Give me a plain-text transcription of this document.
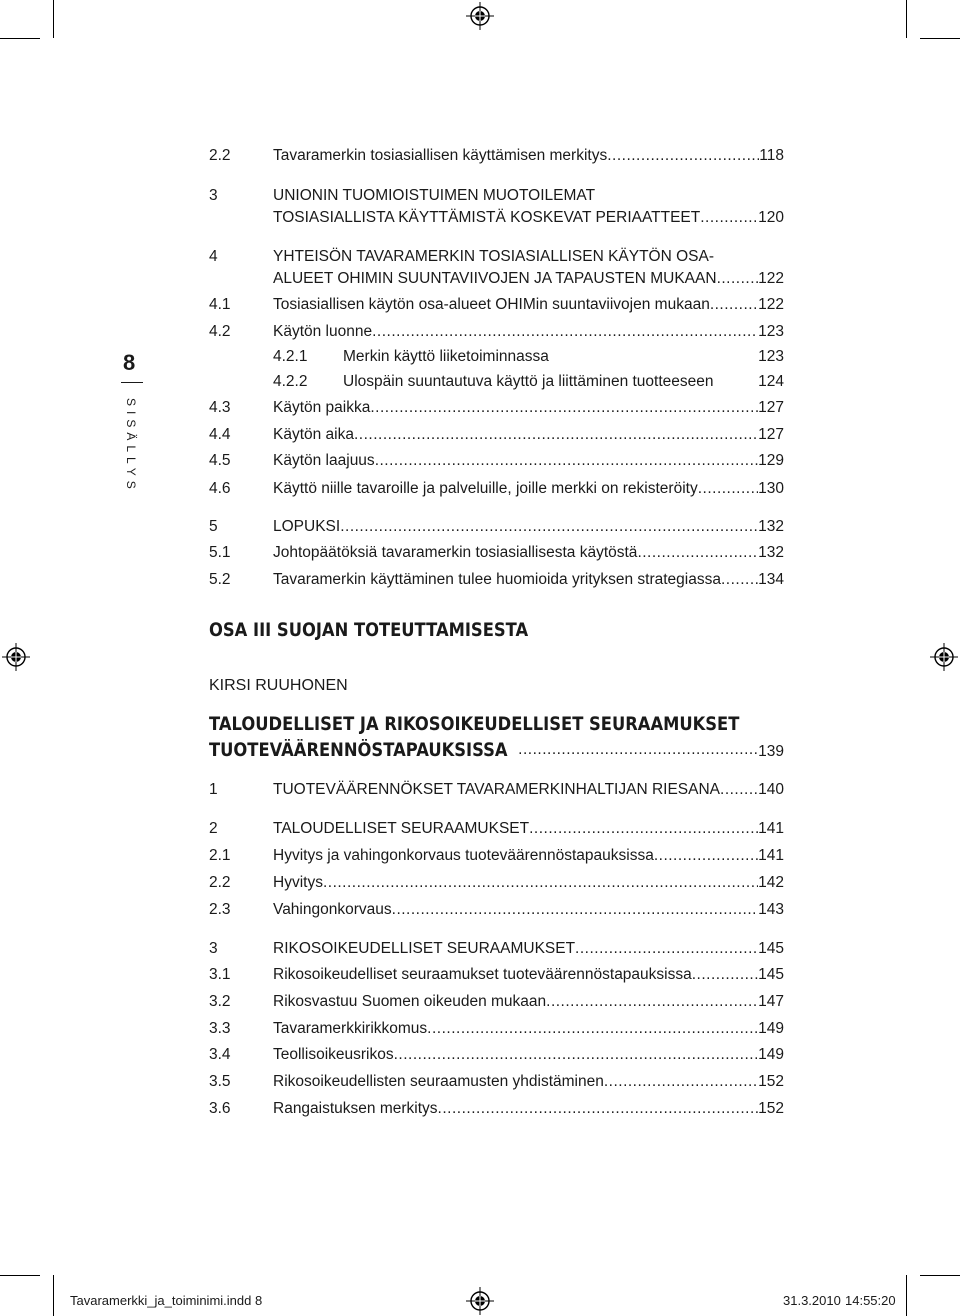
8
SISÄLLYS
2.2	Tavaramerkin tosiasiallisen käyttämisen merkitys .....	118
3	UNIONIN TUOMIOISTUIMEN MUOTOILEMAT
TOSIASIALLISTA KÄYTTÄMISTÄ KOSKEVAT PERIAATTEET .....	120
4	YHTEISÖN TAVARAMERKIN TOSIASIALLISEN KÄYTÖN OSA-
ALUEET OHIMIN SUUNTAVIIVOJEN JA TAPAUSTEN MUKAAN .....	122
4.1	Tosiasiallisen käytön osa-alueet OHIMin suuntaviivojen mukaan .....	122
4.2	Käytön luonne .....	123
4.2.1	Merkin käyttö liiketoiminnassa	123
4.2.2	Ulospäin suuntautuva käyttö ja liittäminen tuotteeseen	124
4.3	Käytön paikka .....	127
4.4	Käytön aika .....	127
4.5	Käytön laajuus .....	129
4.6	Käyttö niille tavaroille ja palveluille, joille merkki on rekisteröity .....	130
5	LOPUKSI .....	132
5.1	Johtopäätöksiä tavaramerkin tosiasiallisesta käytöstä .....	132
5.2	Tavaramerkin käyttäminen tulee huomioida yrityksen strategiassa ..... 134
OSA III SUOJAN TOTEUTTAMISESTA
KIRSI RUUHONEN
TALOUDELLISET JA RIKOSOIKEUDELLISET SEURAAMUKSET
TUOTEVÄÄRENNÖSTAPAUKSISSA .....	139
1	TUOTEVÄÄRENNÖKSET TAVARAMERKINHALTIJAN RIESANA ..... 140
2	TALOUDELLISET SEURAAMUKSET .....	141
2.1	Hyvitys ja vahingonkorvaus tuoteväärennöstapauksissa .....	141
2.2	Hyvitys .....	142
2.3	Vahingonkorvaus .....	143
3	RIKOSOIKEUDELLISET SEURAAMUKSET .....	145
3.1	Rikosoikeudelliset seuraamukset tuoteväärennöstapauksissa .....	145
3.2	Rikosvastuu Suomen oikeuden mukaan .....	147
3.3	Tavaramerkkirikkomus .....	149
3.4	Teollisoikeusrikos .....	149
3.5	Rikosoikeudellisten seuraamusten yhdistäminen .....	152
3.6	Rangaistuksen merkitys .....	152
Tavaramerkki_ja_toiminimi.indd 8	31.3.2010 14:55:20
